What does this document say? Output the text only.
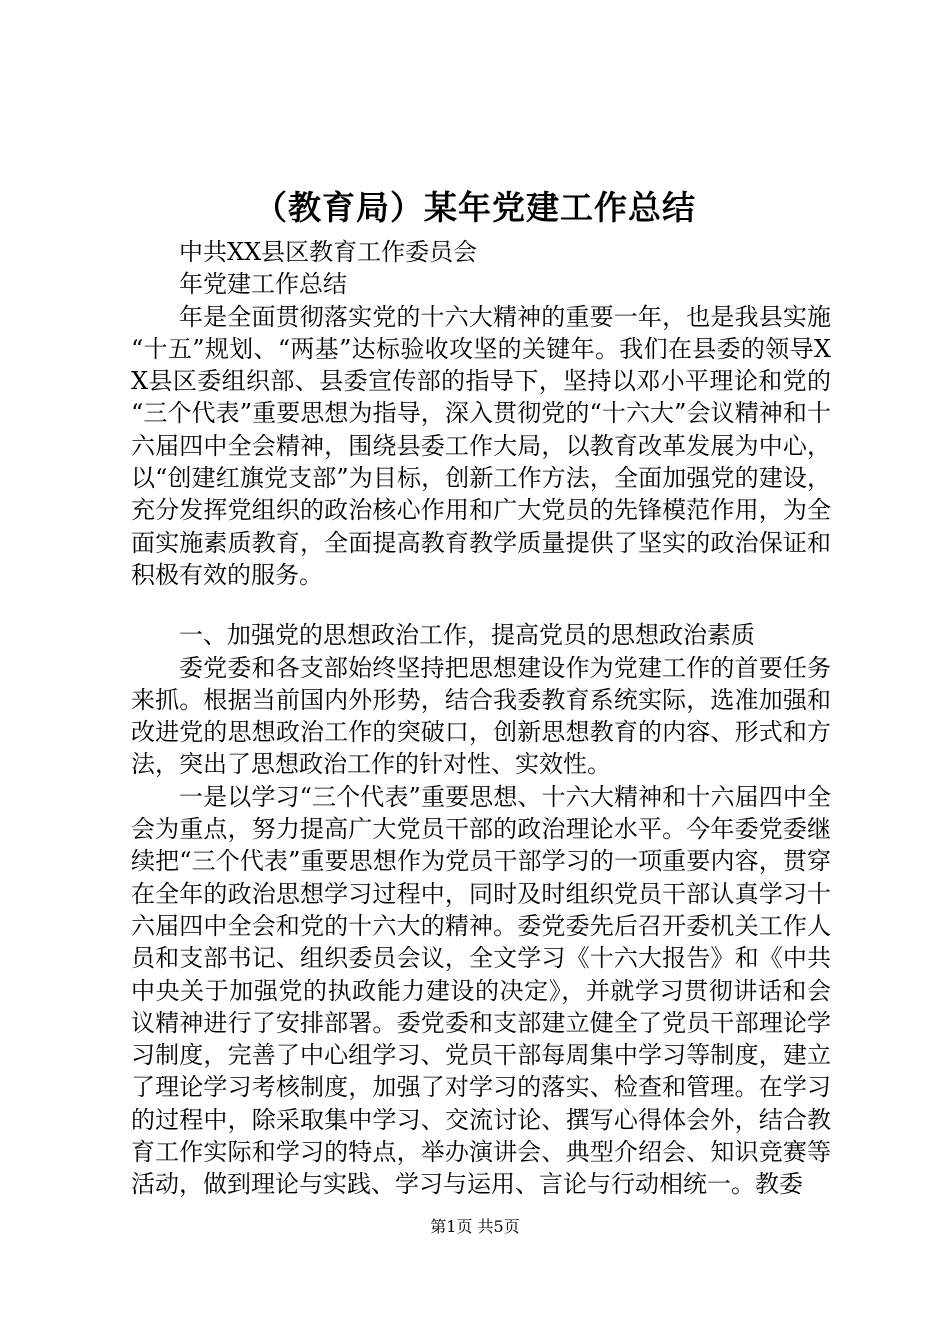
（教育局）某年党建工作总结

中共XX县区教育工作委员会

年党建工作总结

年是全面贯彻落实党的十六大精神的重要一年，也是我县实施“十五”规划、“两基”达标验收攻坚的关键年。我们在县委的领导XX县区委组织部、县委宣传部的指导下，坚持以邓小平理论和党的“三个代表”重要思想为指导，深入贯彻党的“十六大”会议精神和十六届四中全会精神，围绕县委工作大局，以教育改革发展为中心，以“创建红旗党支部”为目标，创新工作方法，全面加强党的建设，充分发挥党组织的政治核心作用和广大党员的先锋模范作用，为全面实施素质教育，全面提高教育教学质量提供了坚实的政治保证和积极有效的服务。

一、加强党的思想政治工作，提高党员的思想政治素质

委党委和各支部始终坚持把思想建设作为党建工作的首要任务来抓。根据当前国内外形势，结合我委教育系统实际，选准加强和改进党的思想政治工作的突破口，创新思想教育的内容、形式和方法，突出了思想政治工作的针对性、实效性。

一是以学习“三个代表”重要思想、十六大精神和十六届四中全会为重点，努力提高广大党员干部的政治理论水平。今年委党委继续把“三个代表”重要思想作为党员干部学习的一项重要内容，贯穿在全年的政治思想学习过程中，同时及时组织党员干部认真学习十六届四中全会和党的十六大的精神。委党委先后召开委机关工作人员和支部书记、组织委员会议，全文学习《十六大报告》和《中共中央关于加强党的执政能力建设的决定》，并就学习贯彻讲话和会议精神进行了安排部署。委党委和支部建立健全了党员干部理论学习制度，完善了中心组学习、党员干部每周集中学习等制度，建立了理论学习考核制度，加强了对学习的落实、检查和管理。在学习的过程中，除采取集中学习、交流讨论、撰写心得体会外，结合教育工作实际和学习的特点，举办演讲会、典型介绍会、知识竞赛等活动，做到理论与实践、学习与运用、言论与行动相统一。教委

第1页 共5页
